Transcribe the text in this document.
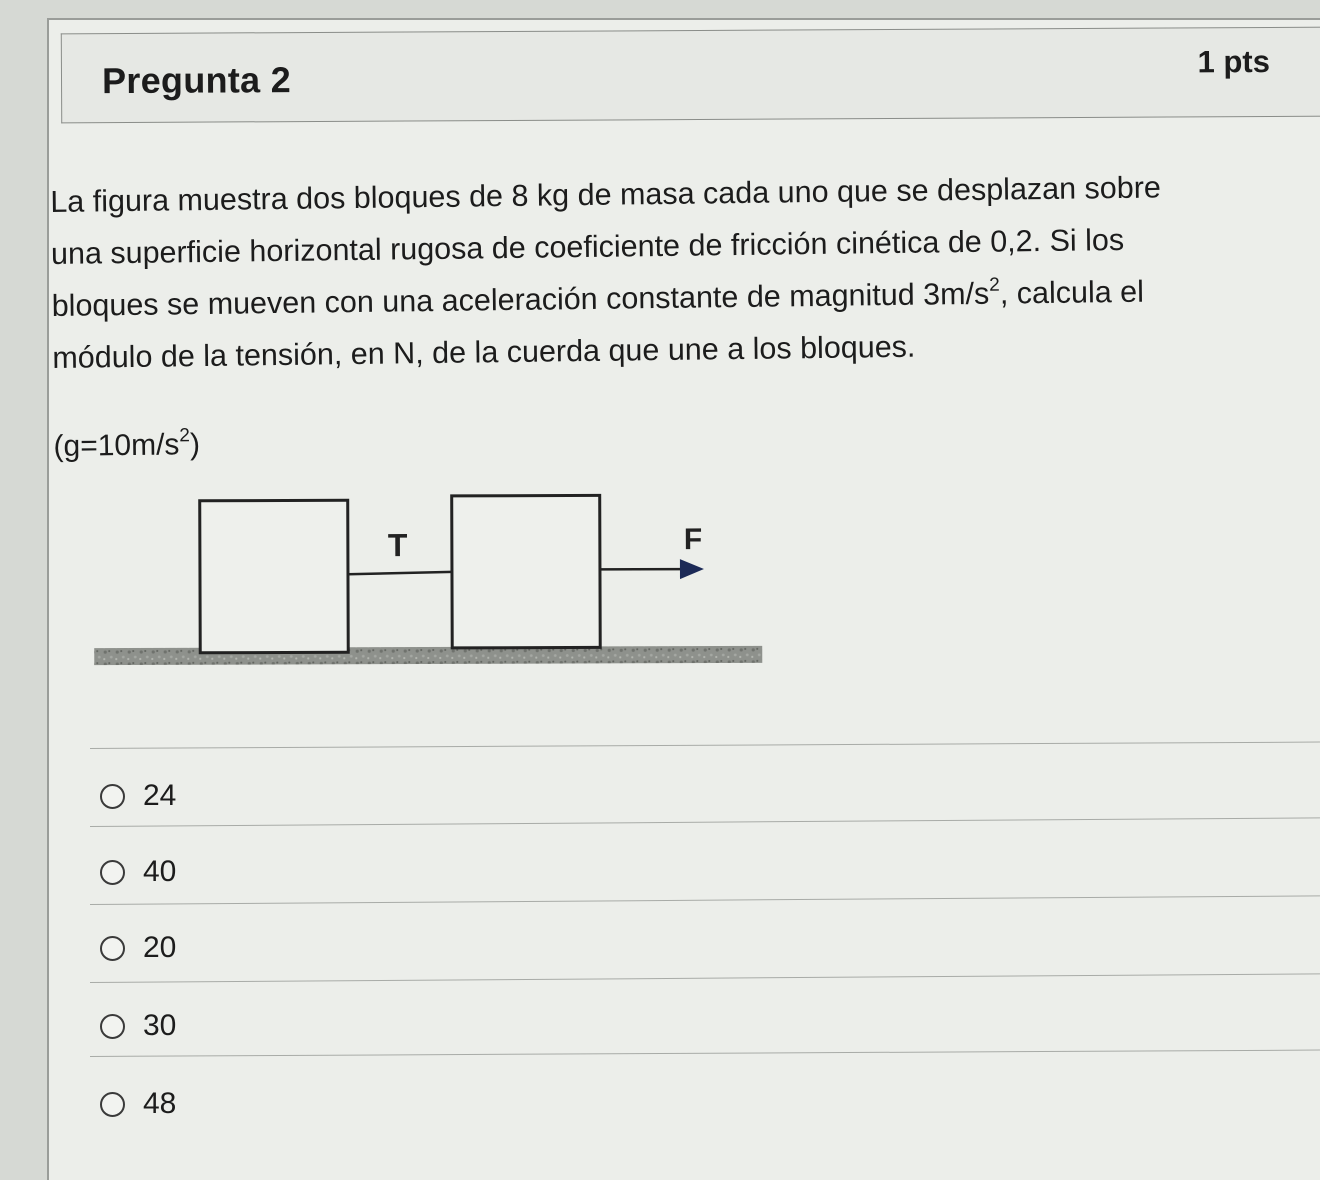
Pregunta 2	1 pts

La figura muestra dos bloques de 8 kg de masa cada uno que se desplazan sobre
una superficie horizontal rugosa de coeficiente de fricción cinética de 0,2. Si los
bloques se mueven con una aceleración constante de magnitud $3m/s^2$, calcula el
módulo de la tensión, en N, de la cuerda que une a los bloques.

$(g=10m/s^2)$
T	F
24
40
20
30
48
